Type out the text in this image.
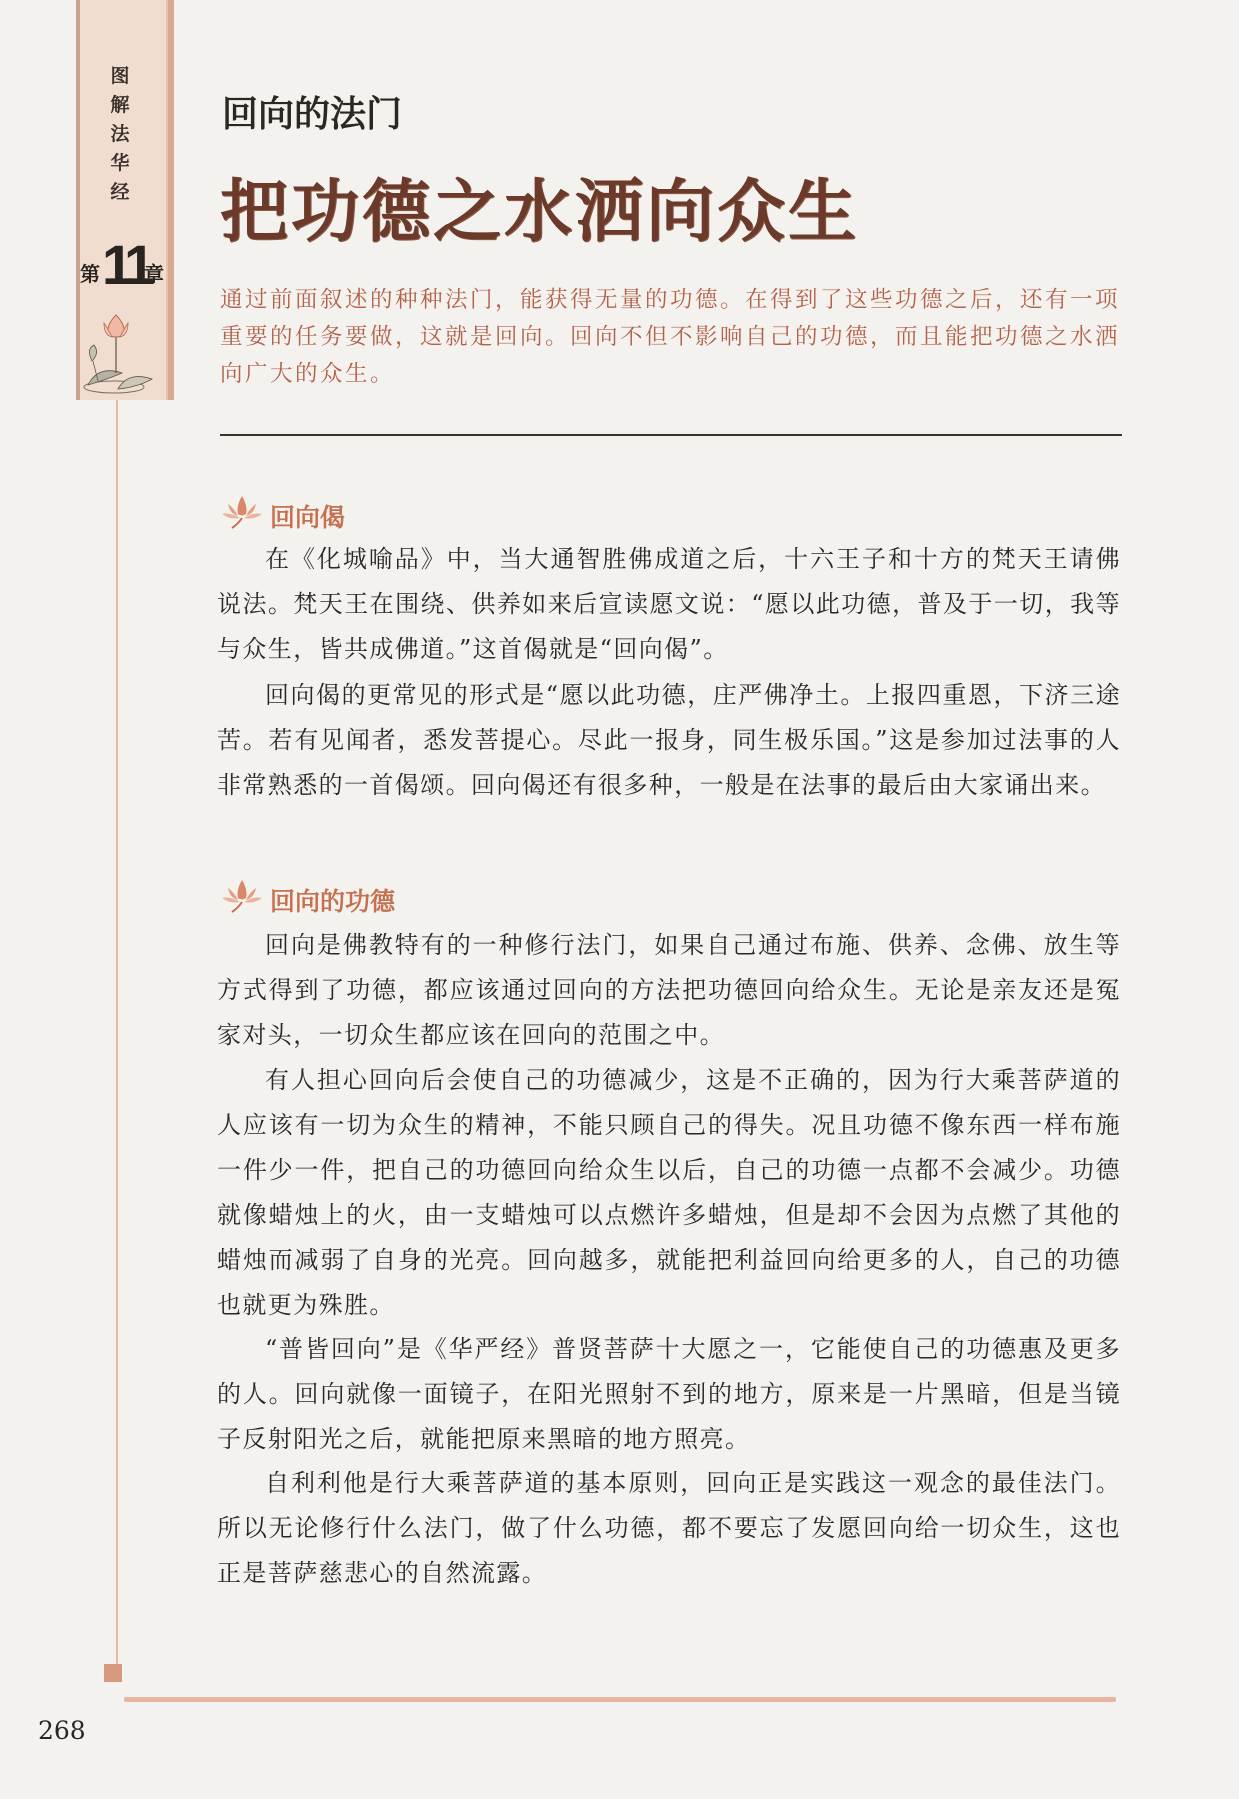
图
解
法
华
经
第 11
章
回向的法门
把功德之水洒向众生
通过前面叙述的种种法门，能获得无量的功德。在得到了这些功德之后，还有一项重要的任务要做，这就是回向。回向不但不影响自己的功德，而且能把功德之水洒向广大的众生。
回向偈

在《化城喻品》中，当大通智胜佛成道之后，十六王子和十方的梵天王请佛说法。梵天王在围绕、供养如来后宣读愿文说：“愿以此功德，普及于一切，我等与众生，皆共成佛道。”这首偈就是“回向偈”。

回向偈的更常见的形式是“愿以此功德，庄严佛净土。上报四重恩，下济三途苦。若有见闻者，悉发菩提心。尽此一报身，同生极乐国。”这是参加过法事的人非常熟悉的一首偈颂。回向偈还有很多种，一般是在法事的最后由大家诵出来。

回向的功德

回向是佛教特有的一种修行法门，如果自己通过布施、供养、念佛、放生等方式得到了功德，都应该通过回向的方法把功德回向给众生。无论是亲友还是冤家对头，一切众生都应该在回向的范围之中。

有人担心回向后会使自己的功德减少，这是不正确的，因为行大乘菩萨道的人应该有一切为众生的精神，不能只顾自己的得失。况且功德不像东西一样布施一件少一件，把自己的功德回向给众生以后，自己的功德一点都不会减少。功德就像蜡烛上的火，由一支蜡烛可以点燃许多蜡烛，但是却不会因为点燃了其他的蜡烛而减弱了自身的光亮。回向越多，就能把利益回向给更多的人，自己的功德也就更为殊胜。

“普皆回向”是《华严经》普贤菩萨十大愿之一，它能使自己的功德惠及更多的人。回向就像一面镜子，在阳光照射不到的地方，原来是一片黑暗，但是当镜子反射阳光之后，就能把原来黑暗的地方照亮。

自利利他是行大乘菩萨道的基本原则，回向正是实践这一观念的最佳法门。所以无论修行什么法门，做了什么功德，都不要忘了发愿回向给一切众生，这也正是菩萨慈悲心的自然流露。

268
